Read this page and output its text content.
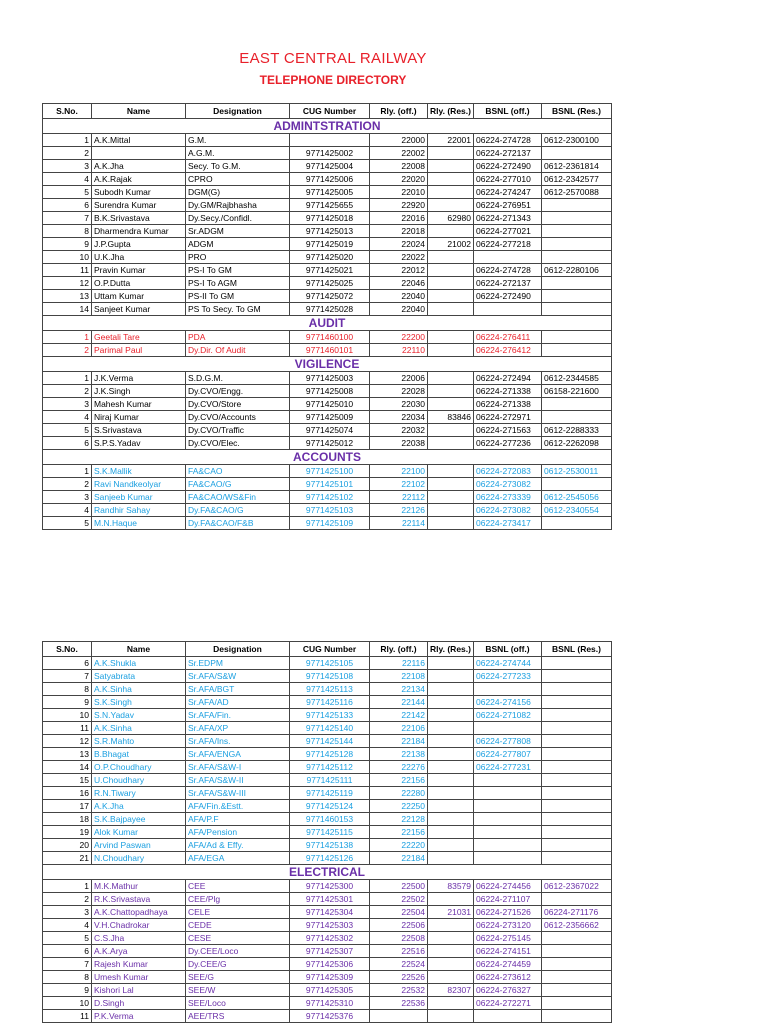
EAST CENTRAL RAILWAY
TELEPHONE DIRECTORY
S.No.	Name	Designation	CUG Number	Rly. (off.)	Rly. (Res.)	BSNL (off.)	BSNL (Res.)
ADMINTSTRATION							
1	A.K.Mittal	G.M.		22000	22001	06224-274728	0612-2300100
2		A.G.M.	9771425002	22002		06224-272137	
3	A.K.Jha	Secy. To G.M.	9771425004	22008		06224-272490	0612-2361814
4	A.K.Rajak	CPRO	9771425006	22020		06224-277010	0612-2342577
5	Subodh Kumar	DGM(G)	9771425005	22010		06224-274247	0612-2570088
6	Surendra Kumar	Dy.GM/Rajbhasha	9771425655	22920		06224-276951	
7	B.K.Srivastava	Dy.Secy./Confidl.	9771425018	22016	62980	06224-271343	
8	Dharmendra Kumar	Sr.ADGM	9771425013	22018		06224-277021	
9	J.P.Gupta	ADGM	9771425019	22024	21002	06224-277218	
10	U.K.Jha	PRO	9771425020	22022			
11	Pravin Kumar	PS-I To GM	9771425021	22012		06224-274728	0612-2280106
12	O.P.Dutta	PS-I To AGM	9771425025	22046		06224-272137	
13	Uttam Kumar	PS-II To GM	9771425072	22040		06224-272490	
14	Sanjeet Kumar	PS To Secy. To GM	9771425028	22040			
AUDIT							
1	Geetali Tare	PDA	9771460100	22200		06224-276411	
2	Parimal Paul	Dy.Dir. Of Audit	9771460101	22110		06224-276412	
VIGILENCE							
1	J.K.Verma	S.D.G.M.	9771425003	22006		06224-272494	0612-2344585
2	J.K.Singh	Dy.CVO/Engg.	9771425008	22028		06224-271338	06158-221600
3	Mahesh Kumar	Dy.CVO/Store	9771425010	22030		06224-271338	
4	Niraj Kumar	Dy.CVO/Accounts	9771425009	22034	83846	06224-272971	
5	S.Srivastava	Dy.CVO/Traffic	9771425074	22032		06224-271563	0612-2288333
6	S.P.S.Yadav	Dy.CVO/Elec.	9771425012	22038		06224-277236	0612-2262098
ACCOUNTS							
1	S.K.Mallik	FA&CAO	9771425100	22100		06224-272083	0612-2530011
2	Ravi Nandkeolyar	FA&CAO/G	9771425101	22102		06224-273082	
3	Sanjeeb Kumar	FA&CAO/WS&Fin	9771425102	22112		06224-273339	0612-2545056
4	Randhir Sahay	Dy.FA&CAO/G	9771425103	22126		06224-273082	0612-2340554
5	M.N.Haque	Dy.FA&CAO/F&B	9771425109	22114		06224-273417	
S.No.	Name	Designation	CUG Number	Rly. (off.)	Rly. (Res.)	BSNL (off.)	BSNL (Res.)
6	A.K.Shukla	Sr.EDPM	9771425105	22116		06224-274744	
7	Satyabrata	Sr.AFA/S&W	9771425108	22108		06224-277233	
8	A.K.Sinha	Sr.AFA/BGT	9771425113	22134			
9	S.K.Singh	Sr.AFA/AD	9771425116	22144		06224-274156	
10	S.N.Yadav	Sr.AFA/Fin.	9771425133	22142		06224-271082	
11	A.K.Sinha	Sr.AFA/XP	9771425140	22106			
12	S.R.Mahto	Sr.AFA/Ins.	9771425144	22184		06224-277808	
13	B.Bhagat	Sr.AFA/ENGA	9771425128	22138		06224-277807	
14	O.P.Choudhary	Sr.AFA/S&W-I	9771425112	22276		06224-277231	
15	U.Choudhary	Sr.AFA/S&W-II	9771425111	22156			
16	R.N.Tiwary	Sr.AFA/S&W-III	9771425119	22280			
17	A.K.Jha	AFA/Fin.&Estt.	9771425124	22250			
18	S.K.Bajpayee	AFA/P.F	9771460153	22128			
19	Alok Kumar	AFA/Pension	9771425115	22156			
20	Arvind Paswan	AFA/Ad & Effy.	9771425138	22220			
21	N.Choudhary	AFA/EGA	9771425126	22184			
ELECTRICAL							
1	M.K.Mathur	CEE	9771425300	22500	83579	06224-274456	0612-2367022
2	R.K.Srivastava	CEE/Plg	9771425301	22502		06224-271107	
3	A.K.Chattopadhaya	CELE	9771425304	22504	21031	06224-271526	06224-271176
4	V.H.Chadrokar	CEDE	9771425303	22506		06224-273120	0612-2356662
5	C.S.Jha	CESE	9771425302	22508		06224-275145	
6	A.K.Arya	Dy.CEE/Loco	9771425307	22516		06224-274151	
7	Rajesh Kumar	Dy.CEE/G	9771425306	22524		06224-274459	
8	Umesh Kumar	SEE/G	9771425309	22526		06224-273612	
9	Kishori Lal	SEE/W	9771425305	22532	82307	06224-276327	
10	D.Singh	SEE/Loco	9771425310	22536		06224-272271	
11	P.K.Verma	AEE/TRS	9771425376				
